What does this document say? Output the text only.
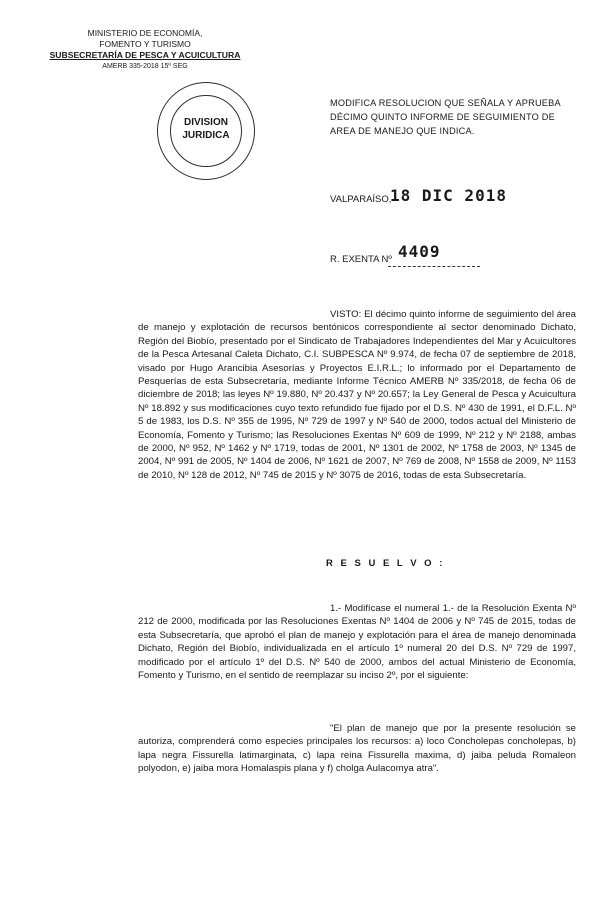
MINISTERIO DE ECONOMÍA,
FOMENTO Y TURISMO
SUBSECRETARÍA DE PESCA Y ACUICULTURA
AMERB 335-2018 15º SEG
DIVISION
JURIDICA
MODIFICA RESOLUCION QUE SEÑALA Y APRUEBA
DÉCIMO QUINTO INFORME DE SEGUIMIENTO DE
AREA DE MANEJO QUE INDICA.
VALPARAÍSO,
18 DIC 2018
R. EXENTA Nº 4409

VISTO: El décimo quinto informe de seguimiento del área de manejo y explotación de recursos bentónicos correspondiente al sector denominado Dichato, Región del Biobío, presentado por el Sindicato de Trabajadores Independientes del Mar y Acuicultores de la Pesca Artesanal Caleta Dichato, C.I. SUBPESCA Nº 9.974, de fecha 07 de septiembre de 2018, visado por Hugo Arancibia Asesorías y Proyectos E.I.R.L.; lo informado por el Departamento de Pesquerías de esta Subsecretaría, mediante Informe Técnico AMERB Nº 335/2018, de fecha 06 de diciembre de 2018; las leyes Nº 19.880, Nº 20.437 y Nº 20.657; la Ley General de Pesca y Acuicultura Nº 18.892 y sus modificaciones cuyo texto refundido fue fijado por el D.S. Nº 430 de 1991, el D.F.L. Nº 5 de 1983, los D.S. Nº 355 de 1995, Nº 729 de 1997 y Nº 540 de 2000, todos actual del Ministerio de Economía, Fomento y Turismo; las Resoluciones Exentas Nº 609 de 1999, Nº 212 y Nº 2188, ambas de 2000, Nº 952, Nº 1462 y Nº 1719, todas de 2001, Nº 1301 de 2002, Nº 1758 de 2003, Nº 1345 de 2004, Nº 991 de 2005, Nº 1404 de 2006, Nº 1621 de 2007, Nº 769 de 2008, Nº 1558 de 2009, Nº 1153 de 2010, Nº 128 de 2012, Nº 745 de 2015 y Nº 3075 de 2016, todas de esta Subsecretaría.

R E S U E L V O :

1.- Modifícase el numeral 1.- de la Resolución Exenta Nº 212 de 2000, modificada por las Resoluciones Exentas Nº 1404 de 2006 y Nº 745 de 2015, todas de esta Subsecretaría, que aprobó el plan de manejo y explotación para el área de manejo denominada Dichato, Región del Biobío, individualizada en el artículo 1º numeral 20 del D.S. Nº 729 de 1997, modificado por el artículo 1º del D.S. Nº 540 de 2000, ambos del actual Ministerio de Economía, Fomento y Turismo, en el sentido de reemplazar su inciso 2º, por el siguiente:

"El plan de manejo que por la presente resolución se autoriza, comprenderá como especies principales los recursos: a) loco Concholepas concholepas, b) lapa negra Fissurella latimarginata, c) lapa reina Fissurella maxima, d) jaiba peluda Romaleon polyodon, e) jaiba mora Homalaspis plana y f) cholga Aulacomya atra".
